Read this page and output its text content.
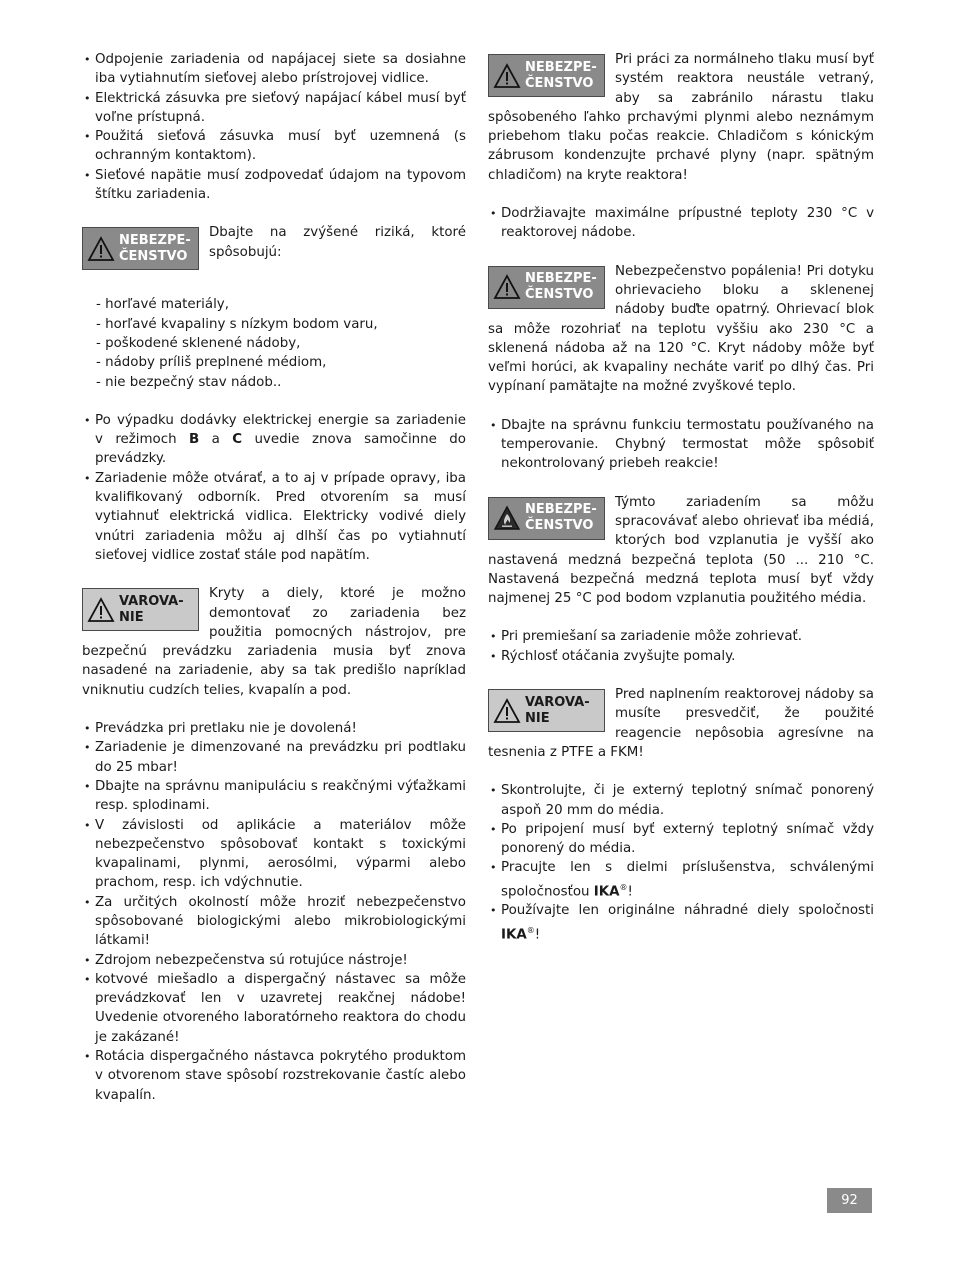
• Odpojenie zariadenia od napájacej siete sa dosiahne iba vytiahnutím sieťovej alebo prístrojovej vidlice.
• Elektrická zásuvka pre sieťový napájací kábel musí byť voľne prístupná.
• Použitá sieťová zásuvka musí byť uzemnená (s ochranným kontaktom).
• Sieťové napätie musí zodpovedať údajom na typovom štítku zariadenia.
NEBEZPE-
ČENSTVO

Dbajte na zvýšené riziká, ktoré spôsobujú:

- horľavé materiály,
- horľavé kvapaliny s nízkym bodom varu,
- poškodené sklenené nádoby,
- nádoby príliš preplnené médiom,
- nie bezpečný stav nádob..
• Po výpadku dodávky elektrickej energie sa zariadenie v režimoch B a C uvedie znova samočinne do prevádzky.
• Zariadenie môže otvárať, a to aj v prípade opravy, iba kvalifikovaný odborník. Pred otvorením sa musí vytiahnuť elektrická vidlica. Elektricky vodivé diely vnútri zariadenia môžu aj dlhší čas po vytiahnutí sieťovej vidlice zostať stále pod napätím.
VAROVA-
NIE

Kryty a diely, ktoré je možno demontovať zo zariadenia bez použitia pomocných nástrojov, pre bezpečnú prevádzku zariadenia musia byť znova nasadené na zariadenie, aby sa tak predišlo napríklad vniknutiu cudzích telies, kvapalín a pod.

• Prevádzka pri pretlaku nie je dovolená!
• Zariadenie je dimenzované na prevádzku pri podtlaku do 25 mbar!
• Dbajte na správnu manipuláciu s reakčnými výťažkami resp. splodinami.
• V závislosti od aplikácie a materiálov môže nebezpečenstvo spôsobovať kontakt s toxickými kvapalinami, plynmi, aerosólmi, výparmi alebo prachom, resp. ich vdýchnutie.
• Za určitých okolností môže hroziť nebezpečenstvo spôsobované biologickými alebo mikrobiologickými látkami!
• Zdrojom nebezpečenstva sú rotujúce nástroje!
• kotvové miešadlo a dispergačný nástavec sa môže prevádzkovať len v uzavretej reakčnej nádobe! Uvedenie otvoreného laboratórneho reaktora do chodu je zakázané!
• Rotácia dispergačného nástavca pokrytého produktom v otvorenom stave spôsobí rozstrekovanie častíc alebo kvapalín.
NEBEZPE-
ČENSTVO

Pri práci za normálneho tlaku musí byť systém reaktora neustále vetraný, aby sa zabránilo nárastu tlaku spôsobeného ľahko prchavými plynmi alebo neznámym priebehom tlaku počas reakcie. Chladičom s kónickým zábrusom kondenzujte prchavé plyny (napr. spätným chladičom) na kryte reaktora!

• Dodržiavajte maximálne prípustné teploty 230 °C v reaktorovej nádobe.
NEBEZPE-
ČENSTVO

Nebezpečenstvo popálenia! Pri dotyku ohrievacieho bloku a sklenenej nádoby buďte opatrný. Ohrievací blok sa môže rozohriať na teplotu vyššiu ako 230 °C a sklenená nádoba až na 120 °C. Kryt nádoby môže byť veľmi horúci, ak kvapaliny necháte variť po dlhý čas. Pri vypínaní pamätajte na možné zvyškové teplo.

• Dbajte na správnu funkciu termostatu používaného na temperovanie. Chybný termostat môže spôsobiť nekontrolovaný priebeh reakcie!
NEBEZPE-
ČENSTVO

Týmto zariadením sa môžu spracovávať alebo ohrievať iba médiá, ktorých bod vzplanutia je vyšší ako nastavená medzná bezpečná teplota (50 ... 210 °C. Nastavená bezpečná medzná teplota musí byť vždy najmenej 25 °C pod bodom vzplanutia použitého média.

• Pri premiešaní sa zariadenie môže zohrievať.
• Rýchlosť otáčania zvyšujte pomaly.
VAROVA-
NIE

Pred naplnením reaktorovej nádoby sa musíte presvedčiť, že použité reagencie nepôsobia agresívne na tesnenia z PTFE a FKM!

• Skontrolujte, či je externý teplotný snímač ponorený aspoň 20 mm do média.
• Po pripojení musí byť externý teplotný snímač vždy ponorený do média.
• Pracujte len s dielmi príslušenstva, schválenými spoločnosťou IKA®!
• Používajte len originálne náhradné diely spoločnosti IKA®!
92
